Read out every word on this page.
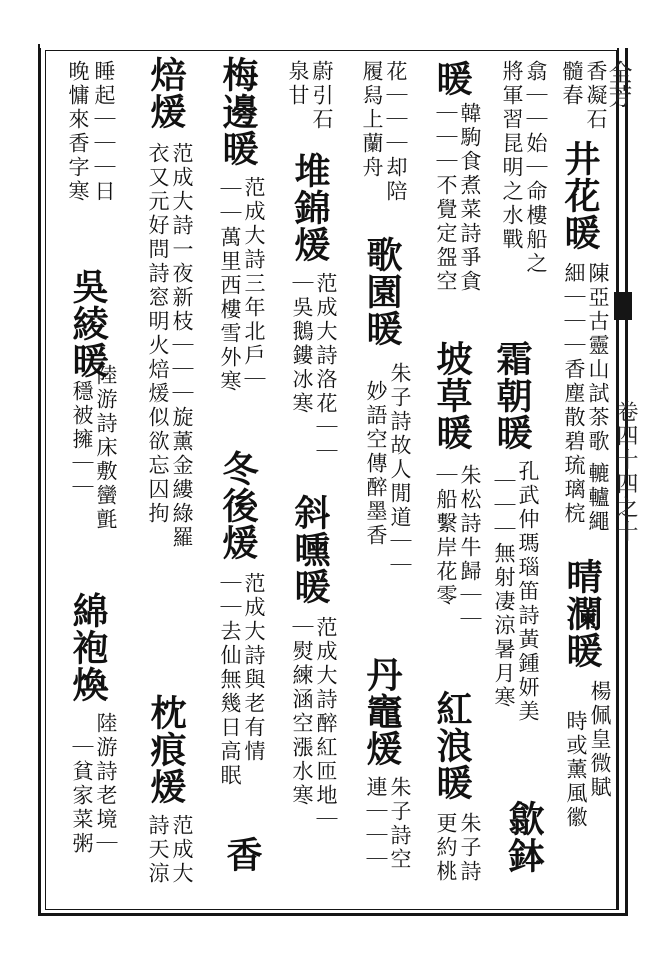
全芳
卷四十四之十
香凝石
髓春
井花暖
陳亞古靈山試茶歌
細｜｜｜香塵散碧琉璃梡 轆轤繩
晴瀾暖
楊佩皇微賦
時或薰風徽
翕｜｜始｜命樓船之
將軍習昆明之水戰
霜朝暖
孔武仲瑪瑙笛詩黃鍾妍美
｜｜｜無射凄涼暑月寒
歙鉢
暖
韓駒食煮菜詩爭貪
｜｜｜不覺定盌空
坡草暖
朱松詩牛歸｜｜
｜船繫岸花零
紅浪暖
朱子詩
更約桃
花｜｜｜却陪
履舄上蘭舟
歌園暖
朱子詩故人閒道｜｜
妙語空傳醉墨香
丹竈煖
朱子詩空
連｜｜｜
蔚引石
泉甘
堆錦煖
范成大詩洛花｜｜
｜吳鵝鏤冰寒
斜曛暖
范成大詩醉紅匝地｜
｜熨練涵空漲水寒
梅邊暖
范成大詩三年北戶｜
｜｜萬里西樓雪外寒
冬後煖
范成大詩與老有情
｜｜去仙無幾日高眠
香
焙煖
范成大詩一夜新枝｜｜｜旋薰金縷綠羅
衣又元好問詩窓明火焙煖似欲忘囚拘
枕痕煖
范成大
詩天涼
睡起｜｜｜日
晚慵來香字寒
吳綾暖
陸游詩床敷蠻氈
穩被擁｜｜
綿袍煥
陸游詩老境｜
｜貧家菜粥
